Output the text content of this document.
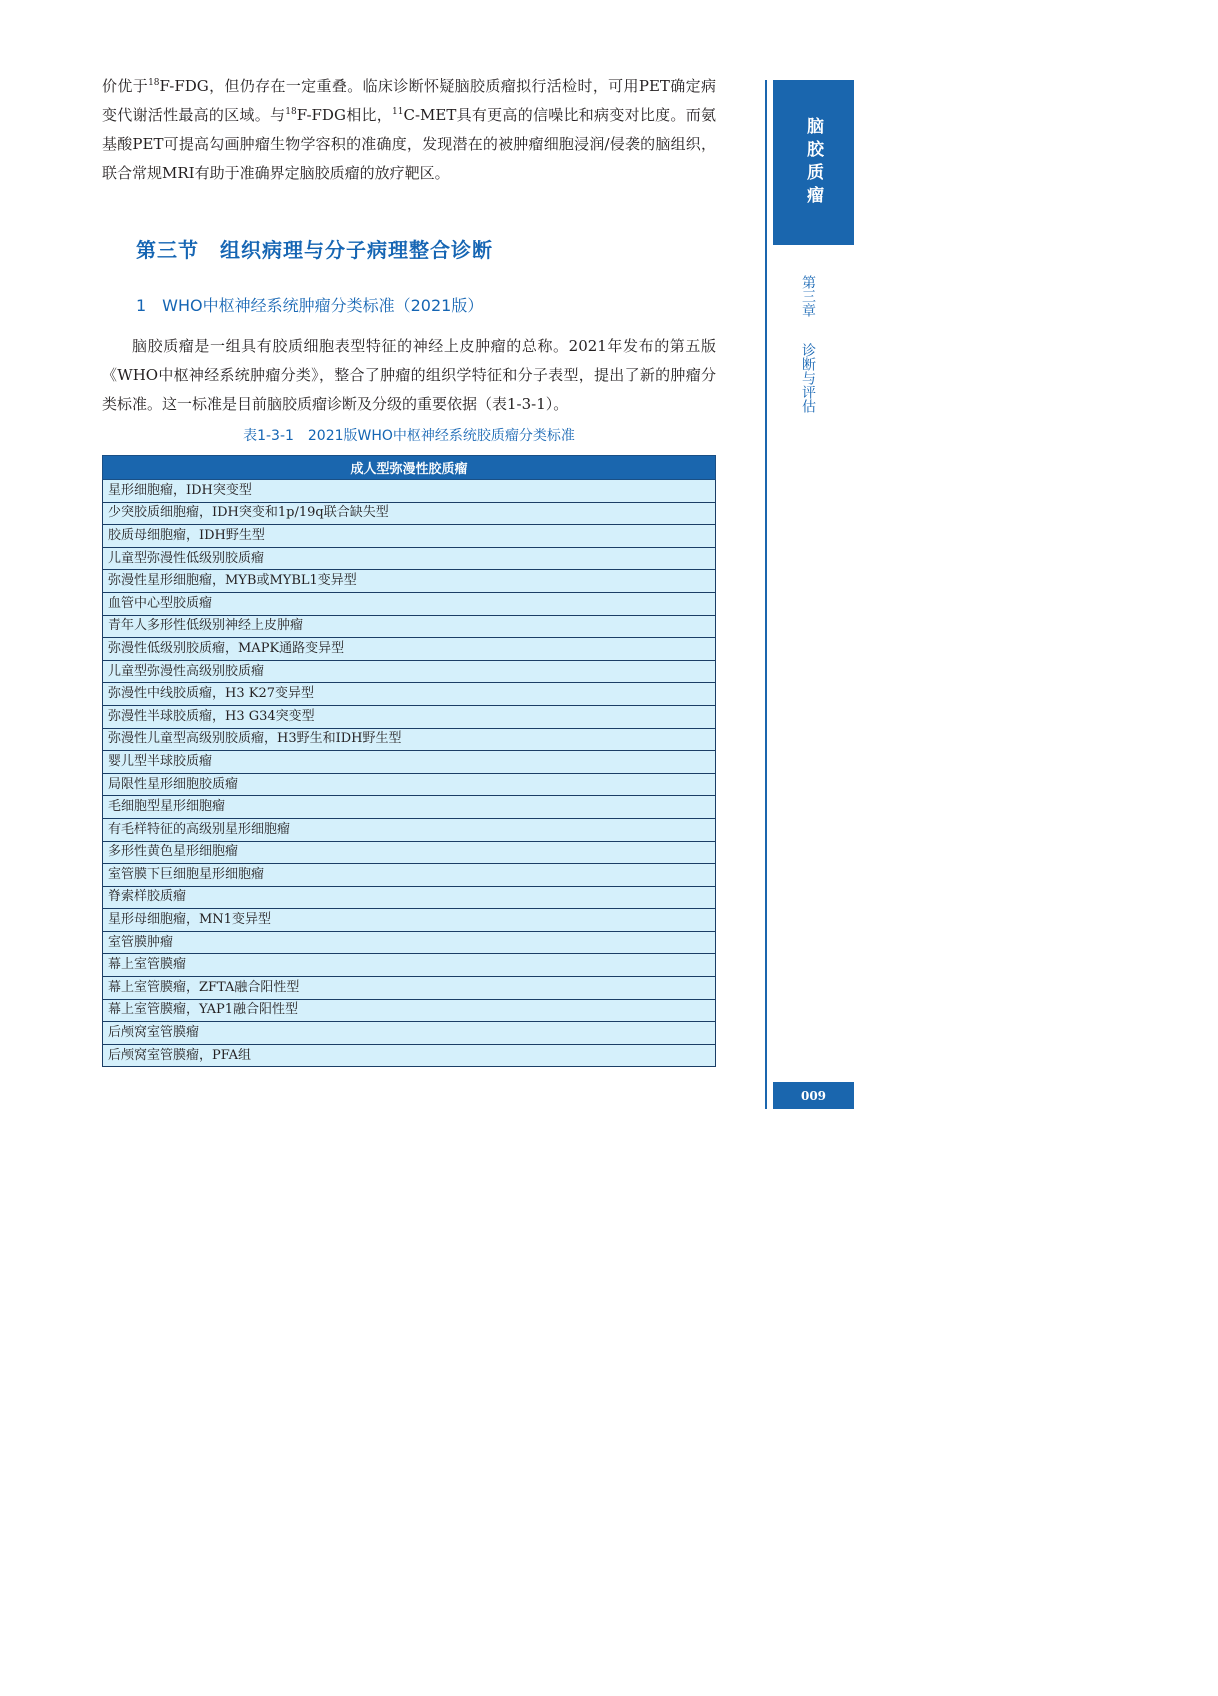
价优于$^{18}$F-FDG，但仍存在一定重叠。临床诊断怀疑脑胶质瘤拟行活检时，可用PET确定病变代谢活性最高的区域。与$^{18}$F-FDG相比，$^{11}$C-MET具有更高的信噪比和病变对比度。而氨基酸PET可提高勾画肿瘤生物学容积的准确度，发现潜在的被肿瘤细胞浸润/侵袭的脑组织，联合常规MRI有助于准确界定脑胶质瘤的放疗靶区。

第三节　组织病理与分子病理整合诊断
1　WHO中枢神经系统肿瘤分类标准（2021版）

脑胶质瘤是一组具有胶质细胞表型特征的神经上皮肿瘤的总称。2021年发布的第五版《WHO中枢神经系统肿瘤分类》，整合了肿瘤的组织学特征和分子表型，提出了新的肿瘤分类标准。这一标准是目前脑胶质瘤诊断及分级的重要依据（表1-3-1）。

表1-3-1　2021版WHO中枢神经系统胶质瘤分类标准
成人型弥漫性胶质瘤
星形细胞瘤，IDH突变型
少突胶质细胞瘤，IDH突变和1p/19q联合缺失型
胶质母细胞瘤，IDH野生型
儿童型弥漫性低级别胶质瘤
弥漫性星形细胞瘤，MYB或MYBL1变异型
血管中心型胶质瘤
青年人多形性低级别神经上皮肿瘤
弥漫性低级别胶质瘤，MAPK通路变异型
儿童型弥漫性高级别胶质瘤
弥漫性中线胶质瘤，H3 K27变异型
弥漫性半球胶质瘤，H3 G34突变型
弥漫性儿童型高级别胶质瘤，H3野生和IDH野生型
婴儿型半球胶质瘤
局限性星形细胞胶质瘤
毛细胞型星形细胞瘤
有毛样特征的高级别星形细胞瘤
多形性黄色星形细胞瘤
室管膜下巨细胞星形细胞瘤
脊索样胶质瘤
星形母细胞瘤，MN1变异型
室管膜肿瘤
幕上室管膜瘤
幕上室管膜瘤，ZFTA融合阳性型
幕上室管膜瘤，YAP1融合阳性型
后颅窝室管膜瘤
后颅窝室管膜瘤，PFA组
脑胶质瘤
第三章
诊断与评估
009
